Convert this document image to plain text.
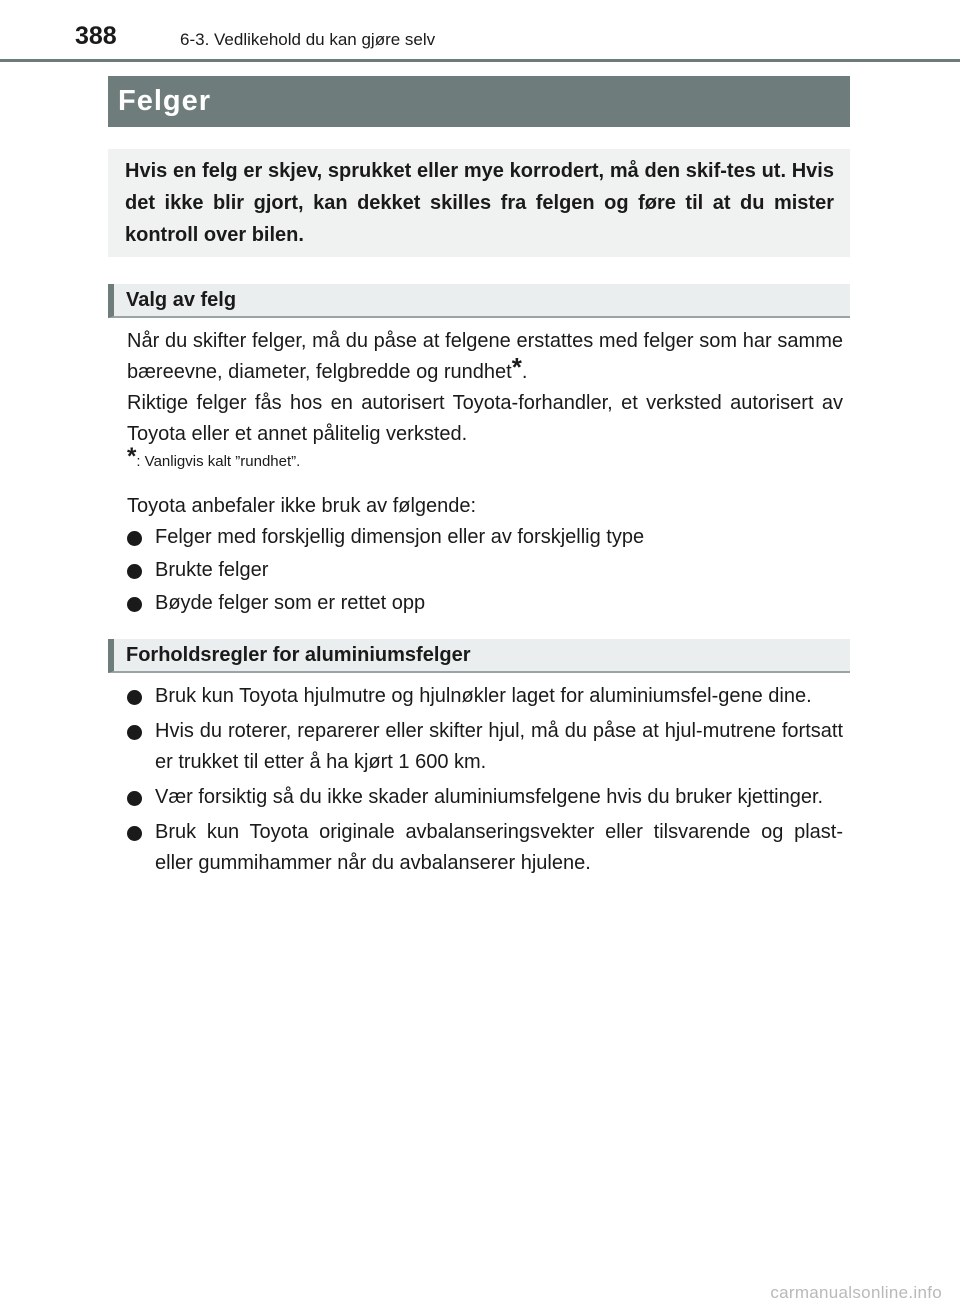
388	6-3. Vedlikehold du kan gjøre selv
Felger

Hvis en felg er skjev, sprukket eller mye korrodert, må den skif-tes ut. Hvis det ikke blir gjort, kan dekket skilles fra felgen og føre til at du mister kontroll over bilen.

Valg av felg

Når du skifter felger, må du påse at felgene erstattes med felger som har samme bæreevne, diameter, felgbredde og rundhet*.

Riktige felger fås hos en autorisert Toyota-forhandler, et verksted autorisert av Toyota eller et annet pålitelig verksted.

*: Vanligvis kalt ”rundhet”.

Toyota anbefaler ikke bruk av følgende:

Felger med forskjellig dimensjon eller av forskjellig type
Brukte felger
Bøyde felger som er rettet opp
Forholdsregler for aluminiumsfelger
Bruk kun Toyota hjulmutre og hjulnøkler laget for aluminiumsfel-gene dine.
Hvis du roterer, reparerer eller skifter hjul, må du påse at hjul-mutrene fortsatt er trukket til etter å ha kjørt 1 600 km.
Vær forsiktig så du ikke skader aluminiumsfelgene hvis du bruker kjettinger.
Bruk kun Toyota originale avbalanseringsvekter eller tilsvarende og plast- eller gummihammer når du avbalanserer hjulene.
carmanualsonline.info
